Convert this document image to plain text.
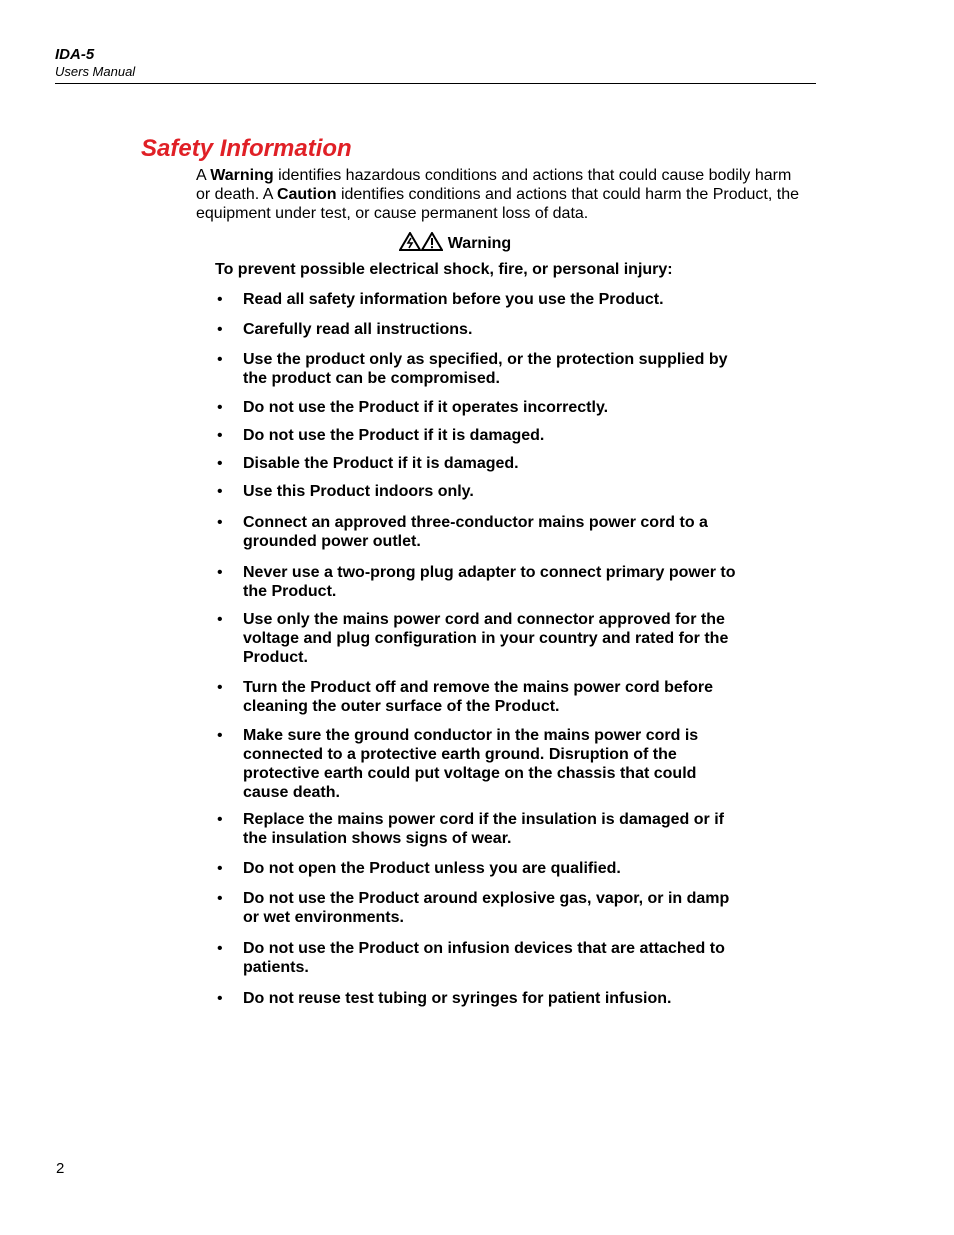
IDA-5
Users Manual
Safety Information

A Warning identifies hazardous conditions and actions that could cause bodily harm or death. A Caution identifies conditions and actions that could harm the Product, the equipment under test, or cause permanent loss of data.

Warning
To prevent possible electrical shock, fire, or personal injury:
• Read all safety information before you use the Product.
• Carefully read all instructions.
• Use the product only as specified, or the protection supplied by the product can be compromised.
• Do not use the Product if it operates incorrectly.
• Do not use the Product if it is damaged.
• Disable the Product if it is damaged.
• Use this Product indoors only.
• Connect an approved three-conductor mains power cord to a grounded power outlet.
• Never use a two-prong plug adapter to connect primary power to the Product.
• Use only the mains power cord and connector approved for the voltage and plug configuration in your country and rated for the Product.
• Turn the Product off and remove the mains power cord before cleaning the outer surface of the Product.
• Make sure the ground conductor in the mains power cord is connected to a protective earth ground. Disruption of the protective earth could put voltage on the chassis that could cause death.
• Replace the mains power cord if the insulation is damaged or if the insulation shows signs of wear.
• Do not open the Product unless you are qualified.
• Do not use the Product around explosive gas, vapor, or in damp or wet environments.
• Do not use the Product on infusion devices that are attached to patients.
• Do not reuse test tubing or syringes for patient infusion.
2
